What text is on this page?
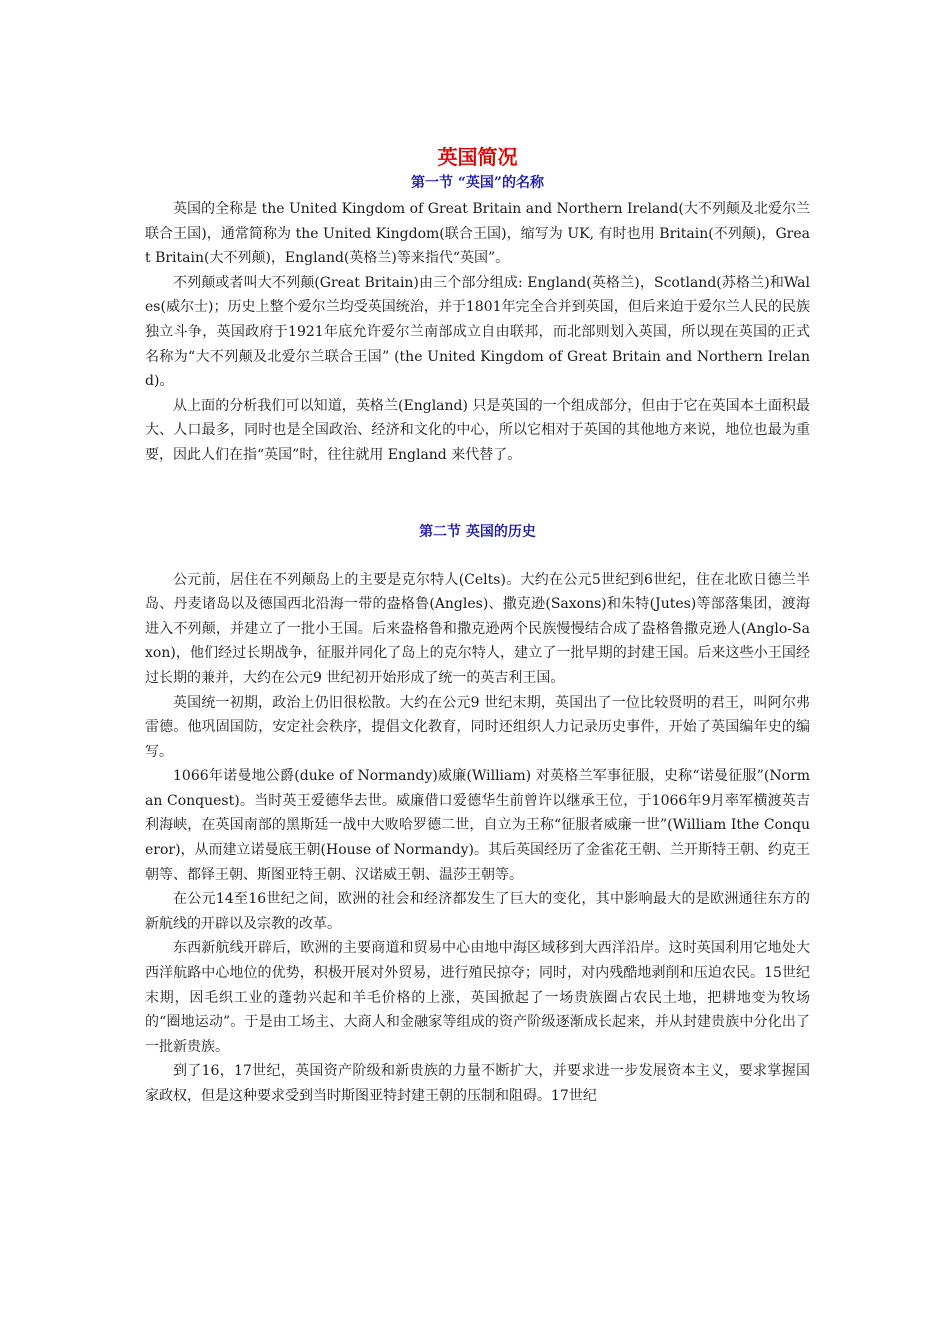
英国简况
第一节 “英国”的名称

英国的全称是 the United Kingdom of Great Britain and Northern Ireland(大不列颠及北爱尔兰联合王国)，通常简称为 the United Kingdom(联合王国)，缩写为 UK, 有时也用 Britain(不列颠)，Great Britain(大不列颠)，England(英格兰)等来指代“英国”。

不列颠或者叫大不列颠(Great Britain)由三个部分组成: England(英格兰)，Scotland(苏格兰)和Wales(威尔士)；历史上整个爱尔兰均受英国统治，并于1801年完全合并到英国，但后来迫于爱尔兰人民的民族独立斗争，英国政府于1921年底允许爱尔兰南部成立自由联邦，而北部则划入英国，所以现在英国的正式名称为“大不列颠及北爱尔兰联合王国” (the United Kingdom of Great Britain and Northern Ireland)。

从上面的分析我们可以知道，英格兰(England) 只是英国的一个组成部分，但由于它在英国本土面积最大、人口最多，同时也是全国政治、经济和文化的中心，所以它相对于英国的其他地方来说，地位也最为重要，因此人们在指“英国”时，往往就用 England 来代替了。

第二节 英国的历史

公元前，居住在不列颠岛上的主要是克尔特人(Celts)。大约在公元5世纪到6世纪，住在北欧日德兰半岛、丹麦诸岛以及德国西北沿海一带的盎格鲁(Angles)、撒克逊(Saxons)和朱特(Jutes)等部落集团，渡海进入不列颠，并建立了一批小王国。后来盎格鲁和撒克逊两个民族慢慢结合成了盎格鲁撒克逊人(Anglo-Saxon)，他们经过长期战争，征服并同化了岛上的克尔特人，建立了一批早期的封建王国。后来这些小王国经过长期的兼并，大约在公元9 世纪初开始形成了统一的英吉利王国。

英国统一初期，政治上仍旧很松散。大约在公元9 世纪末期，英国出了一位比较贤明的君王，叫阿尔弗雷德。他巩固国防，安定社会秩序，提倡文化教育，同时还组织人力记录历史事件，开始了英国编年史的编写。

1066年诺曼地公爵(duke of Normandy)威廉(William) 对英格兰军事征服，史称“诺曼征服”(Norman Conquest)。当时英王爱德华去世。威廉借口爱德华生前曾许以继承王位，于1066年9月率军横渡英吉利海峡，在英国南部的黑斯廷一战中大败哈罗德二世，自立为王称“征服者威廉一世”(William Ithe Conqueror)，从而建立诺曼底王朝(House of Normandy)。其后英国经历了金雀花王朝、兰开斯特王朝、约克王朝等、都铎王朝、斯图亚特王朝、汉诺威王朝、温莎王朝等。

在公元14至16世纪之间，欧洲的社会和经济都发生了巨大的变化，其中影响最大的是欧洲通往东方的新航线的开辟以及宗教的改革。

东西新航线开辟后，欧洲的主要商道和贸易中心由地中海区域移到大西洋沿岸。这时英国利用它地处大西洋航路中心地位的优势，积极开展对外贸易，进行殖民掠夺；同时，对内残酷地剥削和压迫农民。15世纪末期，因毛织工业的蓬勃兴起和羊毛价格的上涨，英国掀起了一场贵族圈占农民土地，把耕地变为牧场的“圈地运动”。于是由工场主、大商人和金融家等组成的资产阶级逐渐成长起来，并从封建贵族中分化出了一批新贵族。

到了16，17世纪，英国资产阶级和新贵族的力量不断扩大，并要求进一步发展资本主义，要求掌握国家政权，但是这种要求受到当时斯图亚特封建王朝的压制和阻碍。17世纪
